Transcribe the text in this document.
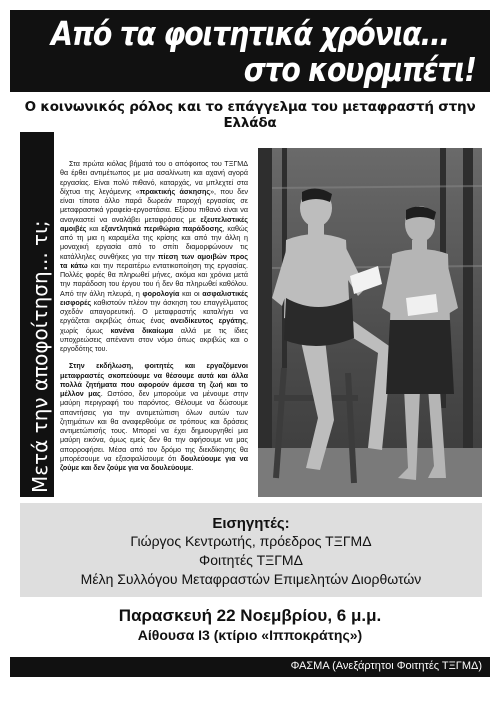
Από τα φοιτητικά χρόνια...
στο κουρμπέτι!
Ο κοινωνικός ρόλος και το επάγγελμα του μεταφραστή στην Ελλάδα
Μετά την αποφοίτηση... τι;

Στα πρώτα κιόλας βήματά του ο απόφοιτος του ΤΞΓΜΔ θα έρθει αντιμέτωπος με μια ασαλίνωτη και αχανή αγορά εργασίας. Είναι πολύ πιθανό, καταρχάς, να μπλεχτεί στα δίχτυα της λεγόμενης «πρακτικής άσκησης», που δεν είναι τίποτα άλλο παρά δωρεάν παροχή εργασίας σε μεταφραστικά γραφεία-εργοστάσια. Εξίσου πιθανό είναι να αναγκαστεί να αναλάβει μεταφράσεις με εξευτελιστικές αμοιβές και εξαντλητικά περιθώρια παράδοσης, καθώς από τη μια η καραμέλα της κρίσης και από την άλλη η μοναχική εργασία από το σπίτι διαμορφώνουν τις κατάλληλες συνθήκες για την πίεση των αμοιβών προς τα κάτω και την περαιτέρω εντατικοποίηση της εργασίας. Πολλές φορές θα πληρωθεί μήνες, ακόμα και χρόνια μετά την παράδοση του έργου του ή δεν θα πληρωθεί καθόλου. Από την άλλη πλευρά, η φορολογία και οι ασφαλιστικές εισφορές καθιστούν πλέον την άσκηση του επαγγέλματος σχεδόν απαγορευτική. Ο μεταφραστής καταλήγει να εργάζεται ακριβώς όπως ένας ανειδίκευτος εργάτης, χωρίς όμως κανένα δικαίωμα αλλά με τις ίδιες υποχρεώσεις απέναντι στον νόμο όπως ακριβώς και ο εργοδότης του.

Στην εκδήλωση, φοιτητές και εργαζόμενοι μεταφραστές σκοπεύουμε να θέσουμε αυτά και άλλα πολλά ζητήματα που αφορούν άμεσα τη ζωή και το μέλλον μας. Ωστόσο, δεν μπορούμε να μένουμε στην μαύρη περιγραφή του παρόντος. Θέλουμε να δώσουμε απαντήσεις για την αντιμετώπιση όλων αυτών των ζητημάτων και θα αναφερθούμε σε τρόπους και δράσεις αντιμετώπισής τους. Μπορεί να έχει δημιουργηθεί μια μαύρη εικόνα, όμως εμείς δεν θα την αφήσουμε να μας απορροφήσει. Μέσα από τον δρόμο της διεκδίκησης θα μπορέσουμε να εξασφαλίσουμε ότι δουλεύουμε για να ζούμε και δεν ζούμε για να δουλεύουμε.

Εισηγητές:
Γιώργος Κεντρωτής, πρόεδρος ΤΞΓΜΔ
Φοιτητές ΤΞΓΜΔ
Μέλη Συλλόγου Μεταφραστών Επιμελητών Διορθωτών
Παρασκευή 22 Νοεμβρίου, 6 μ.μ.
Αίθουσα Ι3 (κτίριο «Ιπποκράτης»)
ΦΑΣΜΑ (Ανεξάρτητοι Φοιτητές ΤΞΓΜΔ)
